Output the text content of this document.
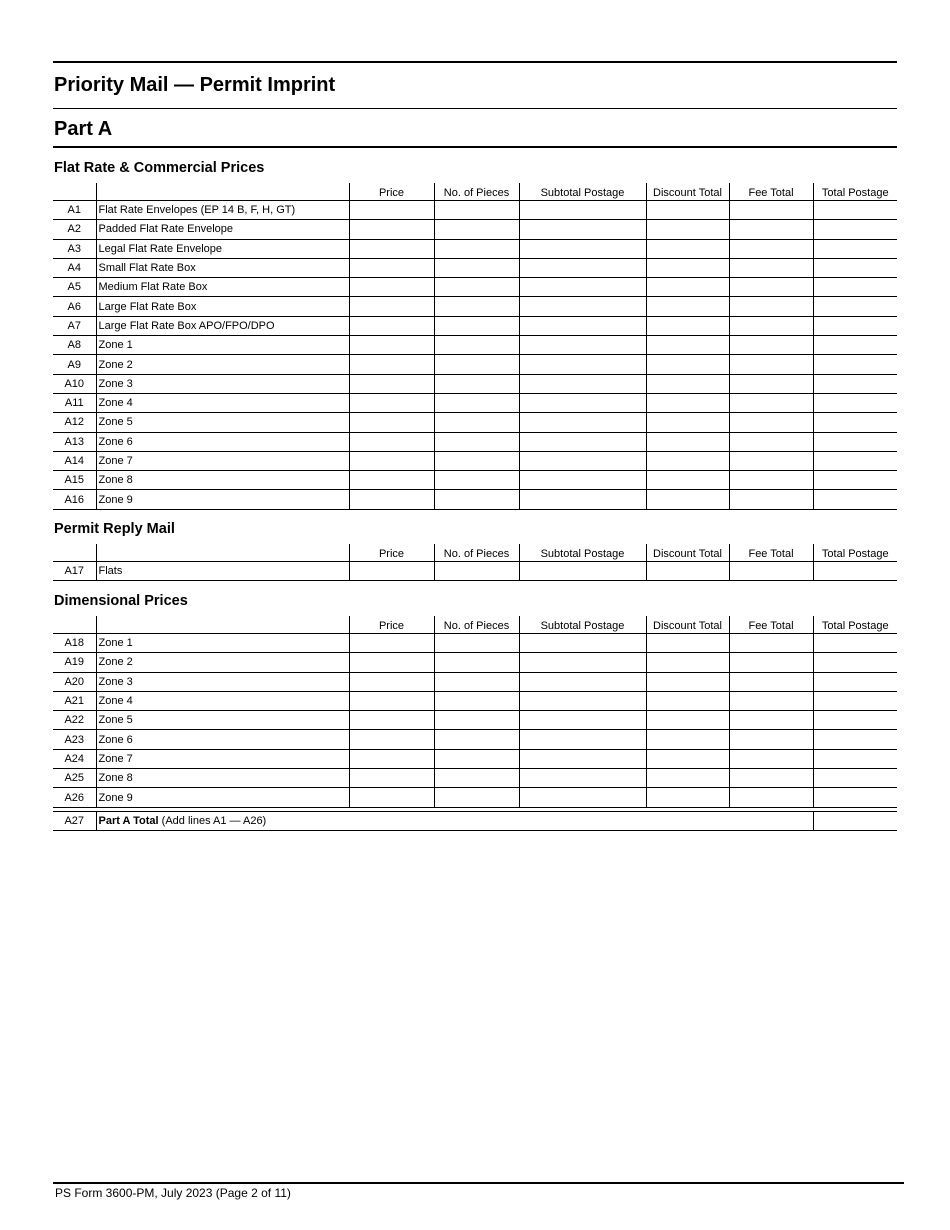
Priority Mail — Permit Imprint
Part A
Flat Rate & Commercial Prices
		Price	No. of Pieces	Subtotal Postage	Discount Total	Fee Total	Total Postage
A1	Flat Rate Envelopes (EP 14 B, F, H, GT)						
A2	Padded Flat Rate Envelope						
A3	Legal Flat Rate Envelope						
A4	Small Flat Rate Box						
A5	Medium Flat Rate Box						
A6	Large Flat Rate Box						
A7	Large Flat Rate Box APO/FPO/DPO						
A8	Zone 1						
A9	Zone 2						
A10	Zone 3						
A11	Zone 4						
A12	Zone 5						
A13	Zone 6						
A14	Zone 7						
A15	Zone 8						
A16	Zone 9						
Permit Reply Mail
		Price	No. of Pieces	Subtotal Postage	Discount Total	Fee Total	Total Postage
A17	Flats						
Dimensional Prices
		Price	No. of Pieces	Subtotal Postage	Discount Total	Fee Total	Total Postage
A18	Zone 1						
A19	Zone 2						
A20	Zone 3						
A21	Zone 4						
A22	Zone 5						
A23	Zone 6						
A24	Zone 7						
A25	Zone 8						
A26	Zone 9						
A27	Part A Total (Add lines A1 — A26)	
PS Form 3600-PM, July 2023 (Page 2 of 11)
